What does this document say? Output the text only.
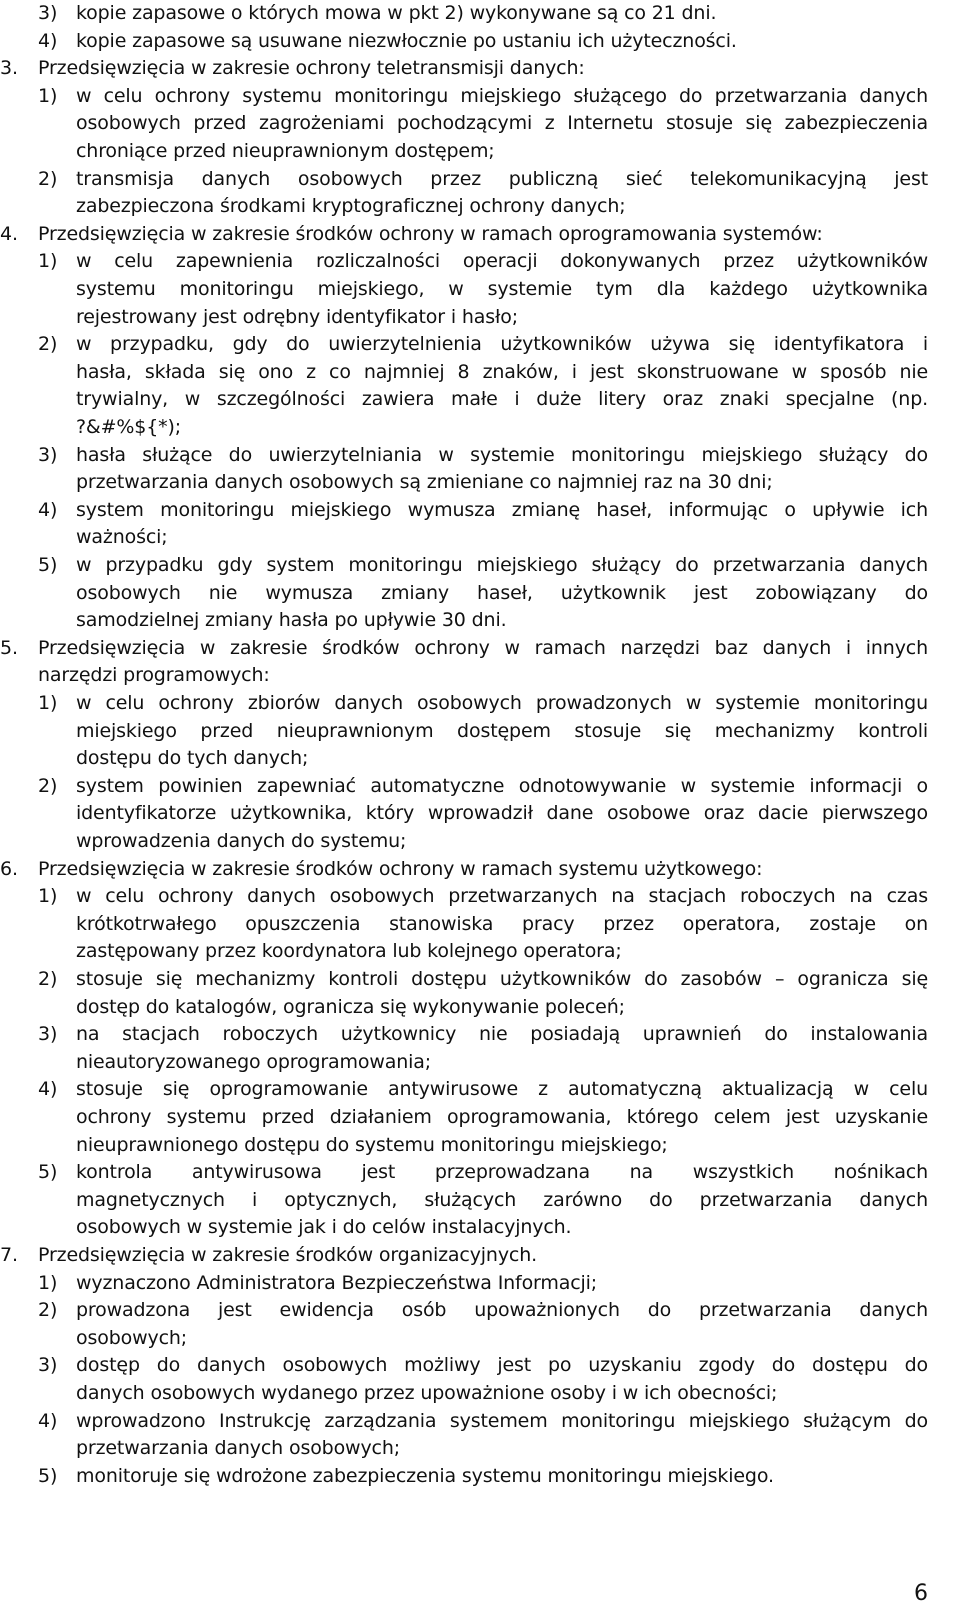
3) kopie zapasowe o których mowa w pkt 2) wykonywane są co 21 dni.
4) kopie zapasowe są usuwane niezwłocznie po ustaniu ich użyteczności.
3. Przedsięwzięcia w zakresie ochrony teletransmisji danych:
1) w celu ochrony systemu monitoringu miejskiego służącego do przetwarzania danych
osobowych przed zagrożeniami pochodzącymi z Internetu stosuje się zabezpieczenia
chroniące przed nieuprawnionym dostępem;
2) transmisja danych osobowych przez publiczną sieć telekomunikacyjną jest
zabezpieczona środkami kryptograficznej ochrony danych;
4. Przedsięwzięcia w zakresie środków ochrony w ramach oprogramowania systemów:
1) w celu zapewnienia rozliczalności operacji dokonywanych przez użytkowników
systemu monitoringu miejskiego, w systemie tym dla każdego użytkownika
rejestrowany jest odrębny identyfikator i hasło;
2) w przypadku, gdy do uwierzytelnienia użytkowników używa się identyfikatora i
hasła, składa się ono z co najmniej 8 znaków, i jest skonstruowane w sposób nie
trywialny, w szczególności zawiera małe i duże litery oraz znaki specjalne (np.
?&#%${*);
3) hasła służące do uwierzytelniania w systemie monitoringu miejskiego służący do
przetwarzania danych osobowych są zmieniane co najmniej raz na 30 dni;
4) system monitoringu miejskiego wymusza zmianę haseł, informując o upływie ich
ważności;
5) w przypadku gdy system monitoringu miejskiego służący do przetwarzania danych
osobowych nie wymusza zmiany haseł, użytkownik jest zobowiązany do
samodzielnej zmiany hasła po upływie 30 dni.
5. Przedsięwzięcia w zakresie środków ochrony w ramach narzędzi baz danych i innych
narzędzi programowych:
1) w celu ochrony zbiorów danych osobowych prowadzonych w systemie monitoringu
miejskiego przed nieuprawnionym dostępem stosuje się mechanizmy kontroli
dostępu do tych danych;
2) system powinien zapewniać automatyczne odnotowywanie w systemie informacji o
identyfikatorze użytkownika, który wprowadził dane osobowe oraz dacie pierwszego
wprowadzenia danych do systemu;
6. Przedsięwzięcia w zakresie środków ochrony w ramach systemu użytkowego:
1) w celu ochrony danych osobowych przetwarzanych na stacjach roboczych na czas
krótkotrwałego opuszczenia stanowiska pracy przez operatora, zostaje on
zastępowany przez koordynatora lub kolejnego operatora;
2) stosuje się mechanizmy kontroli dostępu użytkowników do zasobów – ogranicza się
dostęp do katalogów, ogranicza się wykonywanie poleceń;
3) na stacjach roboczych użytkownicy nie posiadają uprawnień do instalowania
nieautoryzowanego oprogramowania;
4) stosuje się oprogramowanie antywirusowe z automatyczną aktualizacją w celu
ochrony systemu przed działaniem oprogramowania, którego celem jest uzyskanie
nieuprawnionego dostępu do systemu monitoringu miejskiego;
5) kontrola antywirusowa jest przeprowadzana na wszystkich nośnikach
magnetycznych i optycznych, służących zarówno do przetwarzania danych
osobowych w systemie jak i do celów instalacyjnych.
7. Przedsięwzięcia w zakresie środków organizacyjnych.
1) wyznaczono Administratora Bezpieczeństwa Informacji;
2) prowadzona jest ewidencja osób upoważnionych do przetwarzania danych
osobowych;
3) dostęp do danych osobowych możliwy jest po uzyskaniu zgody do dostępu do
danych osobowych wydanego przez upoważnione osoby i w ich obecności;
4) wprowadzono Instrukcję zarządzania systemem monitoringu miejskiego służącym do
przetwarzania danych osobowych;
5) monitoruje się wdrożone zabezpieczenia systemu monitoringu miejskiego.
6
